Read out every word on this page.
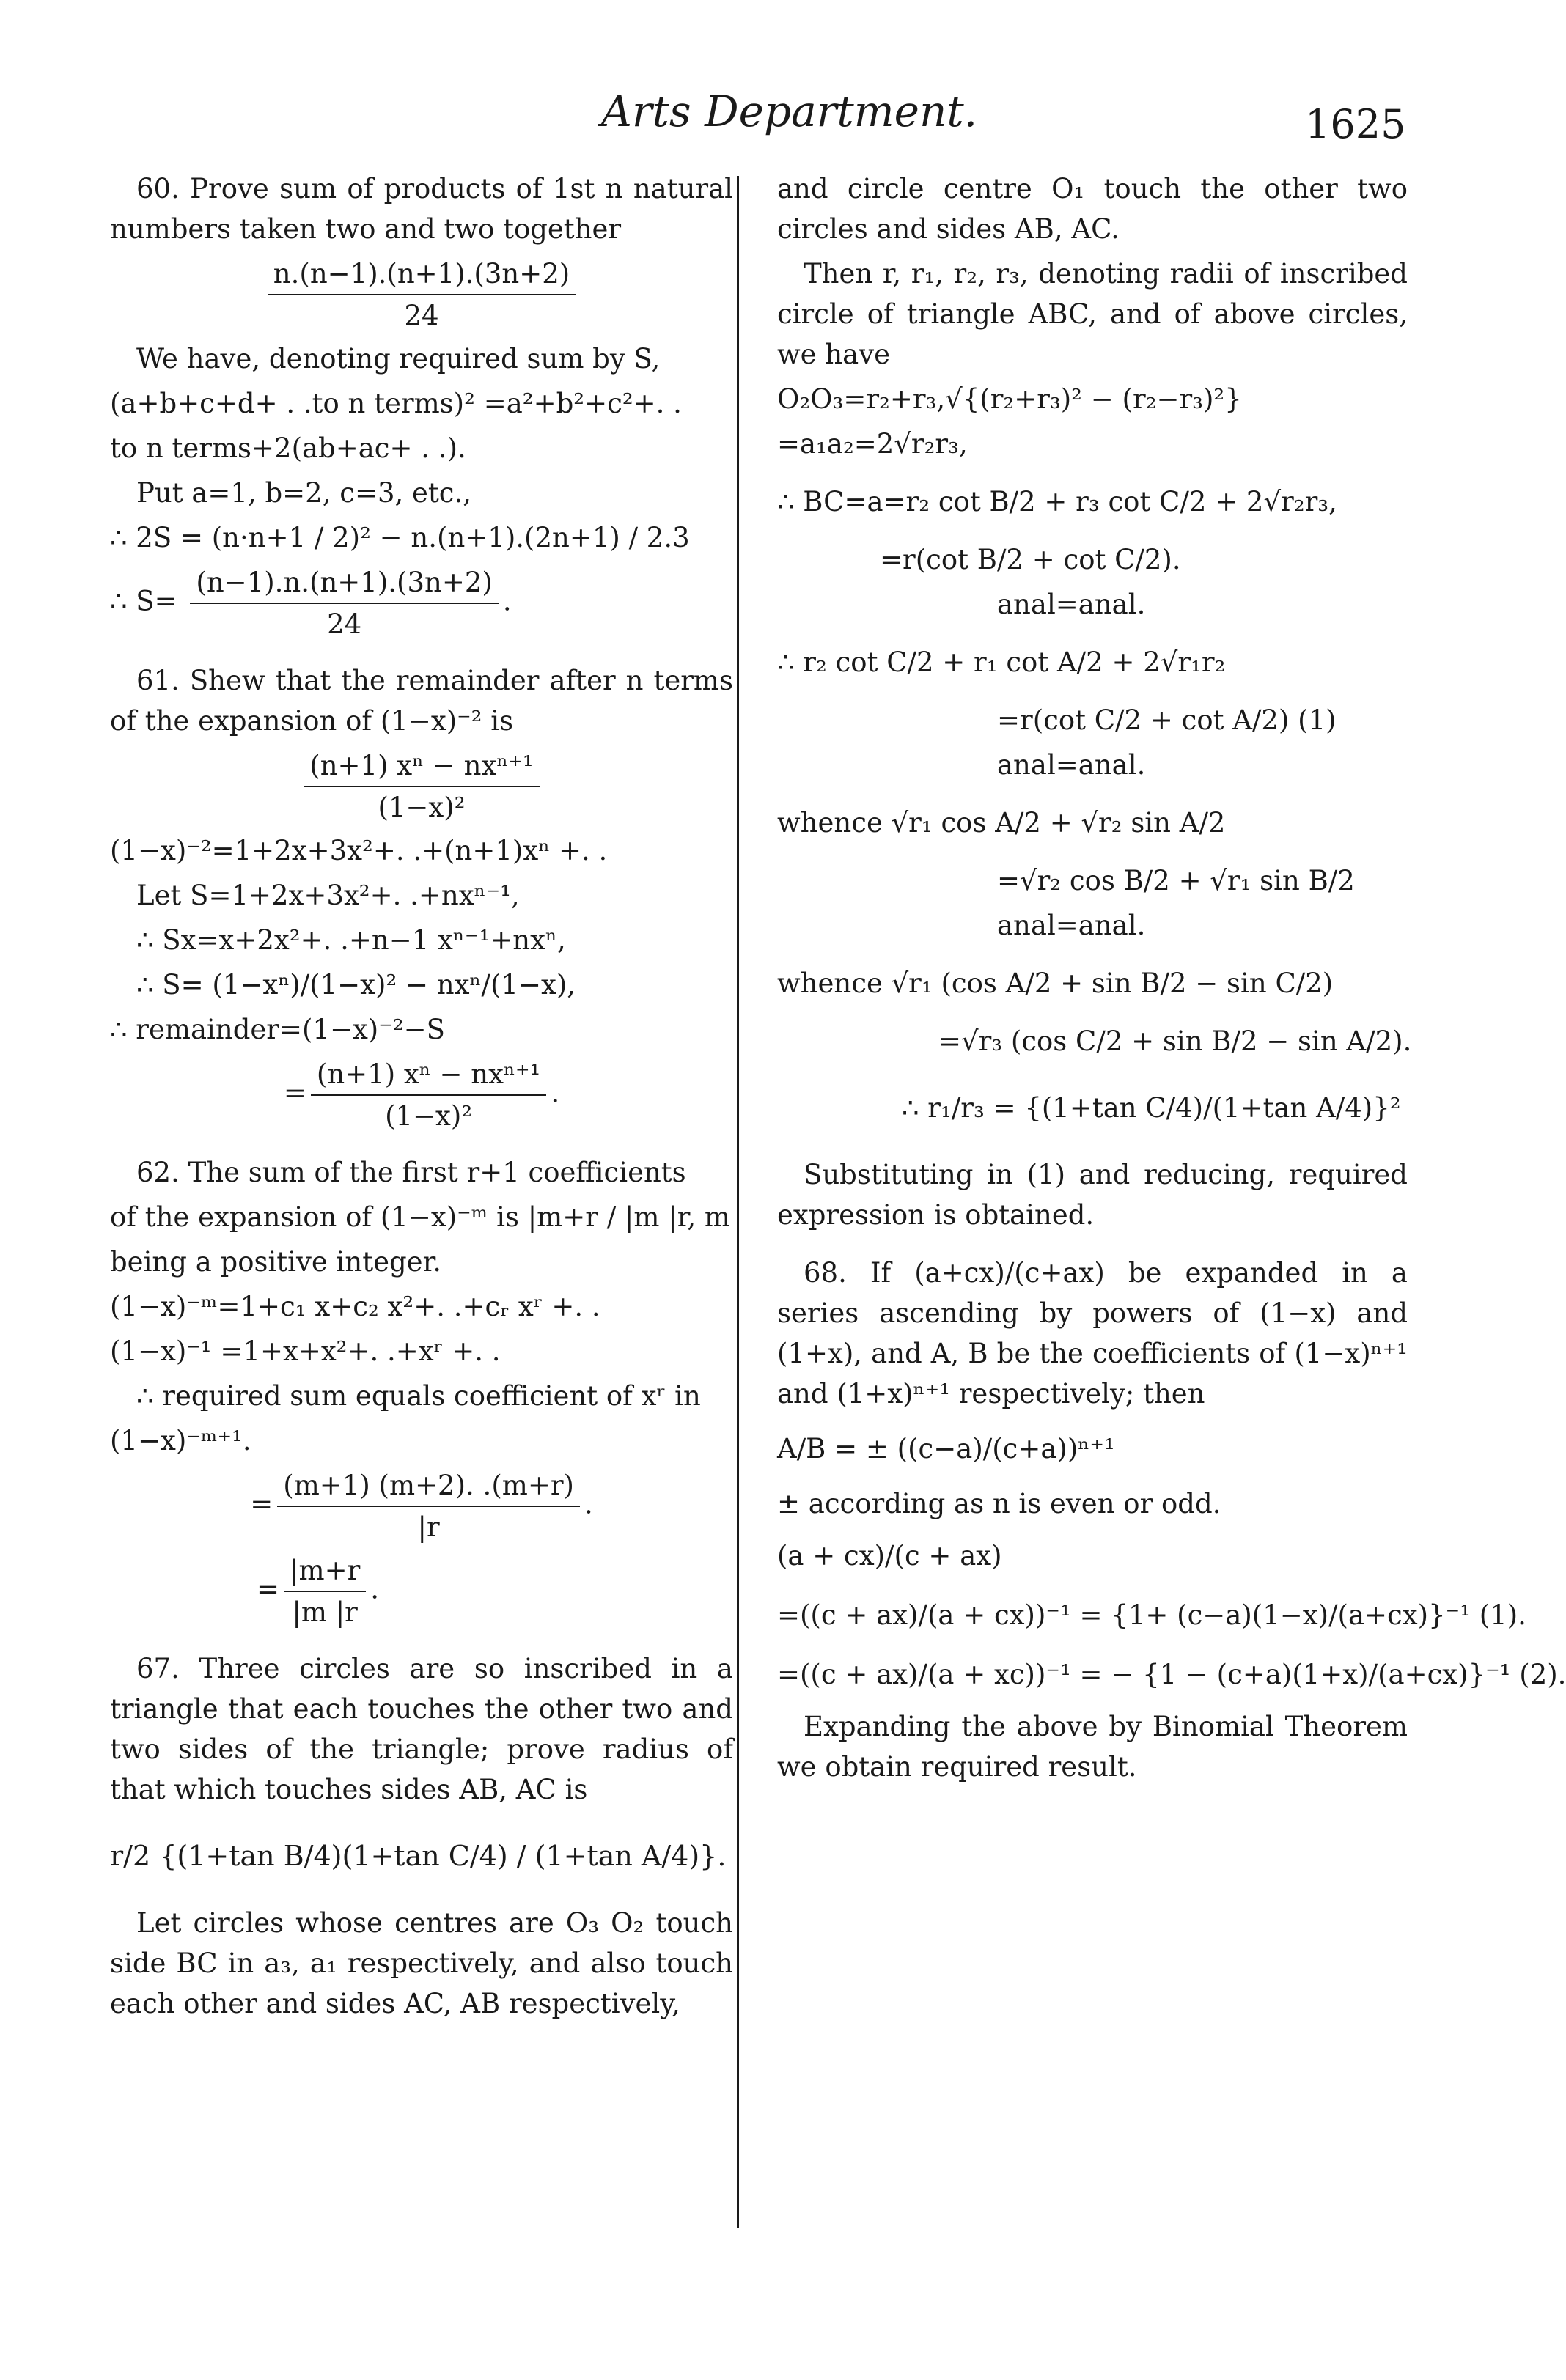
Arts Department.	1625

60. Prove sum of products of 1st n natural numbers taken two and two together

$\frac{n.(n-1).(n+1).(3n+2)}{24}$

We have, denoting required sum by S,

(a+b+c+d+ . .to n terms)² =a²+b²+c²+. .

to n terms+2(ab+ac+ . .).

Put a=1, b=2, c=3, etc.,

∴ 2S = (n·n+1 / 2)² − n.(n+1).(2n+1) / 2.3

∴ $S= \frac{(n-1).n.(n+1).(3n+2)}{24}$ .

61. Shew that the remainder after n terms of the expansion of (1−x)⁻² is

$\frac{\text{(n+1) xⁿ − nxⁿ⁺¹}}{\text{(1−x)²}}$

(1−x)⁻²=1+2x+3x²+. .+(n+1)xⁿ +. .

Let S=1+2x+3x²+. .+nxⁿ⁻¹,

∴ Sx=x+2x²+. .+n−1 xⁿ⁻¹+nxⁿ,

∴ S= (1−xⁿ)/(1−x)² − nxⁿ/(1−x),

∴ remainder=(1−x)⁻²−S

= $\frac{\text{(n+1) xⁿ − nxⁿ⁺¹}}{\text{(1−x)²}}$ .

62. The sum of the first r+1 coefficients

of the expansion of (1−x)⁻ᵐ is |m+r / |m |r, m

being a positive integer.

(1−x)⁻ᵐ=1+c₁ x+c₂ x²+. .+cᵣ xʳ +. .

(1−x)⁻¹ =1+x+x²+. .+xʳ +. .

∴ required sum equals coefficient of xʳ in

(1−x)⁻ᵐ⁺¹.

= $\frac{(m+1) (m+2). .(m+r)}{|r}$ .
= $\frac{|m+r}{|m |r}$ .

67. Three circles are so inscribed in a triangle that each touches the other two and two sides of the triangle; prove radius of that which touches sides AB, AC is

r/2 {(1+tan B/4)(1+tan C/4) / (1+tan A/4)}.

Let circles whose centres are O₃ O₂ touch side BC in a₃, a₁ respectively, and also touch each other and sides AC, AB respectively,

and circle centre O₁ touch the other two circles and sides AB, AC.

Then r, r₁, r₂, r₃, denoting radii of inscribed circle of triangle ABC, and of above circles, we have

O₂O₃=r₂+r₃,√{(r₂+r₃)² − (r₂−r₃)²}

=a₁a₂=2√r₂r₃,

∴ BC=a=r₂ cot B/2 + r₃ cot C/2 + 2√r₂r₃,

=r(cot B/2 + cot C/2).

anal=anal.

∴ r₂ cot C/2 + r₁ cot A/2 + 2√r₁r₂

=r(cot C/2 + cot A/2) (1)

anal=anal.

whence √r₁ cos A/2 + √r₂ sin A/2

=√r₂ cos B/2 + √r₁ sin B/2

anal=anal.

whence √r₁ (cos A/2 + sin B/2 − sin C/2)

=√r₃ (cos C/2 + sin B/2 − sin A/2).

∴ r₁/r₃ = {(1+tan C/4)/(1+tan A/4)}²

Substituting in (1) and reducing, required expression is obtained.

68. If (a+cx)/(c+ax) be expanded in a series ascending by powers of (1−x) and (1+x), and A, B be the coefficients of (1−x)ⁿ⁺¹ and (1+x)ⁿ⁺¹ respectively; then

A/B = ± ((c−a)/(c+a))ⁿ⁺¹

± according as n is even or odd.

(a + cx)/(c + ax)

=((c + ax)/(a + cx))⁻¹ = {1+ (c−a)(1−x)/(a+cx)}⁻¹ (1).

=((c + ax)/(a + xc))⁻¹ = − {1 − (c+a)(1+x)/(a+cx)}⁻¹ (2).

Expanding the above by Binomial Theorem we obtain required result.
